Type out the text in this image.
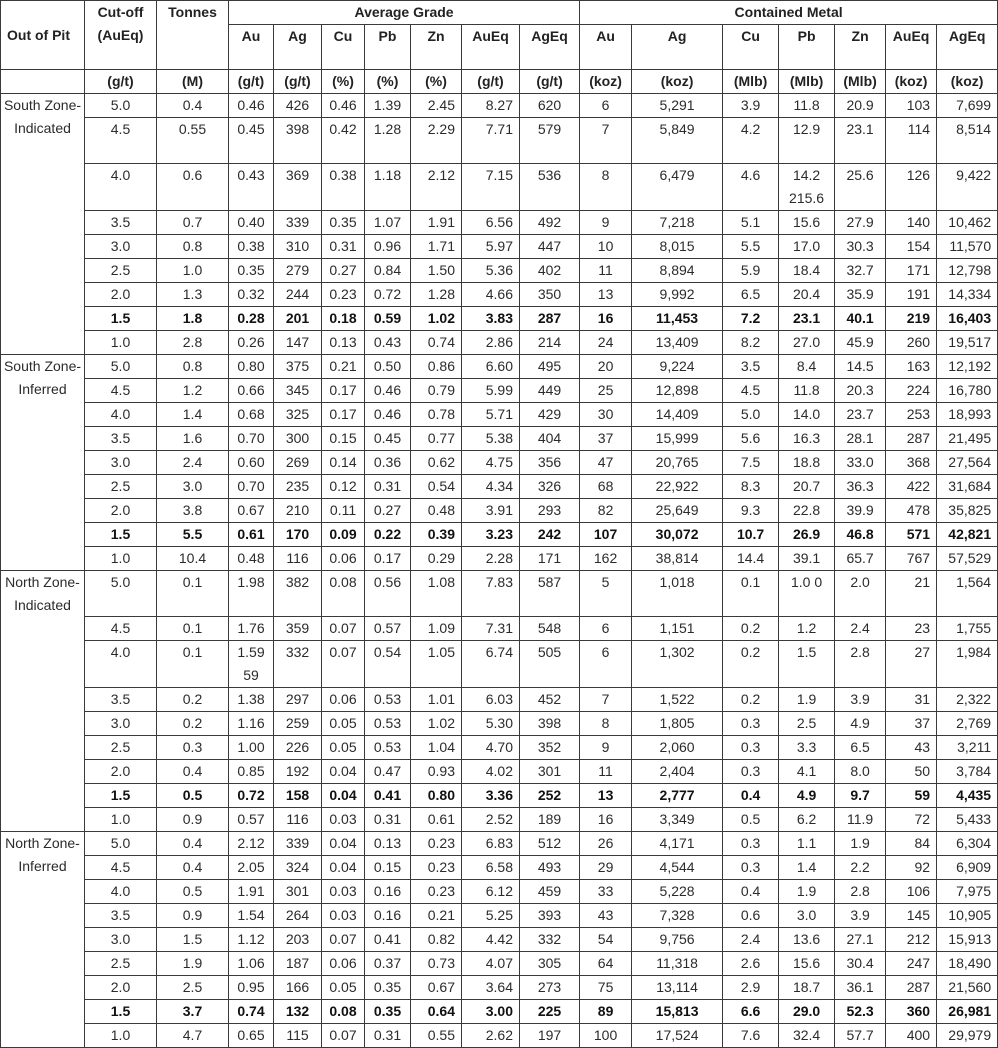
Out of Pit	Cut-off (AuEq)	Tonnes	Average Grade							Contained Metal						
			Au	Ag	Cu	Pb	Zn	AuEq	AgEq	Au	Ag	Cu	Pb	Zn	AuEq	AgEq

	(g/t)	(M)	(g/t)	(g/t)	(%)	(%)	(%)	(g/t)	(g/t)	(koz)	(koz)	(Mlb)	(Mlb)	(Mlb)	(koz)	(koz)
South Zone-Indicated	5.0	0.4	0.46	426	0.46	1.39	2.45	8.27	620	6	5,291	3.9	11.8	20.9	103	7,699
	4.5	0.55	0.45	398	0.42	1.28	2.29	7.71	579	7	5,849	4.2	12.9	23.1	114	8,514
	4.0	0.6	0.43	369	0.38	1.18	2.12	7.15	536	8	6,479	4.6	14.2 215.6	25.6	126	9,422
	3.5	0.7	0.40	339	0.35	1.07	1.91	6.56	492	9	7,218	5.1	15.6	27.9	140	10,462
	3.0	0.8	0.38	310	0.31	0.96	1.71	5.97	447	10	8,015	5.5	17.0	30.3	154	11,570
	2.5	1.0	0.35	279	0.27	0.84	1.50	5.36	402	11	8,894	5.9	18.4	32.7	171	12,798
	2.0	1.3	0.32	244	0.23	0.72	1.28	4.66	350	13	9,992	6.5	20.4	35.9	191	14,334
	1.5	1.8	0.28	201	0.18	0.59	1.02	3.83	287	16	11,453	7.2	23.1	40.1	219	16,403
	1.0	2.8	0.26	147	0.13	0.43	0.74	2.86	214	24	13,409	8.2	27.0	45.9	260	19,517
South Zone-Inferred	5.0	0.8	0.80	375	0.21	0.50	0.86	6.60	495	20	9,224	3.5	8.4	14.5	163	12,192
	4.5	1.2	0.66	345	0.17	0.46	0.79	5.99	449	25	12,898	4.5	11.8	20.3	224	16,780
	4.0	1.4	0.68	325	0.17	0.46	0.78	5.71	429	30	14,409	5.0	14.0	23.7	253	18,993
	3.5	1.6	0.70	300	0.15	0.45	0.77	5.38	404	37	15,999	5.6	16.3	28.1	287	21,495
	3.0	2.4	0.60	269	0.14	0.36	0.62	4.75	356	47	20,765	7.5	18.8	33.0	368	27,564
	2.5	3.0	0.70	235	0.12	0.31	0.54	4.34	326	68	22,922	8.3	20.7	36.3	422	31,684
	2.0	3.8	0.67	210	0.11	0.27	0.48	3.91	293	82	25,649	9.3	22.8	39.9	478	35,825
	1.5	5.5	0.61	170	0.09	0.22	0.39	3.23	242	107	30,072	10.7	26.9	46.8	571	42,821
	1.0	10.4	0.48	116	0.06	0.17	0.29	2.28	171	162	38,814	14.4	39.1	65.7	767	57,529
North Zone-Indicated	5.0	0.1	1.98	382	0.08	0.56	1.08	7.83	587	5	1,018	0.1	1.0 0	2.0	21	1,564
	4.5	0.1	1.76	359	0.07	0.57	1.09	7.31	548	6	1,151	0.2	1.2	2.4	23	1,755
	4.0	0.1	1.59 59	332	0.07	0.54	1.05	6.74	505	6	1,302	0.2	1.5	2.8	27	1,984
	3.5	0.2	1.38	297	0.06	0.53	1.01	6.03	452	7	1,522	0.2	1.9	3.9	31	2,322
	3.0	0.2	1.16	259	0.05	0.53	1.02	5.30	398	8	1,805	0.3	2.5	4.9	37	2,769
	2.5	0.3	1.00	226	0.05	0.53	1.04	4.70	352	9	2,060	0.3	3.3	6.5	43	3,211
	2.0	0.4	0.85	192	0.04	0.47	0.93	4.02	301	11	2,404	0.3	4.1	8.0	50	3,784
	1.5	0.5	0.72	158	0.04	0.41	0.80	3.36	252	13	2,777	0.4	4.9	9.7	59	4,435
	1.0	0.9	0.57	116	0.03	0.31	0.61	2.52	189	16	3,349	0.5	6.2	11.9	72	5,433
North Zone-Inferred	5.0	0.4	2.12	339	0.04	0.13	0.23	6.83	512	26	4,171	0.3	1.1	1.9	84	6,304
	4.5	0.4	2.05	324	0.04	0.15	0.23	6.58	493	29	4,544	0.3	1.4	2.2	92	6,909
	4.0	0.5	1.91	301	0.03	0.16	0.23	6.12	459	33	5,228	0.4	1.9	2.8	106	7,975
	3.5	0.9	1.54	264	0.03	0.16	0.21	5.25	393	43	7,328	0.6	3.0	3.9	145	10,905
	3.0	1.5	1.12	203	0.07	0.41	0.82	4.42	332	54	9,756	2.4	13.6	27.1	212	15,913
	2.5	1.9	1.06	187	0.06	0.37	0.73	4.07	305	64	11,318	2.6	15.6	30.4	247	18,490
	2.0	2.5	0.95	166	0.05	0.35	0.67	3.64	273	75	13,114	2.9	18.7	36.1	287	21,560
	1.5	3.7	0.74	132	0.08	0.35	0.64	3.00	225	89	15,813	6.6	29.0	52.3	360	26,981
	1.0	4.7	0.65	115	0.07	0.31	0.55	2.62	197	100	17,524	7.6	32.4	57.7	400	29,979
